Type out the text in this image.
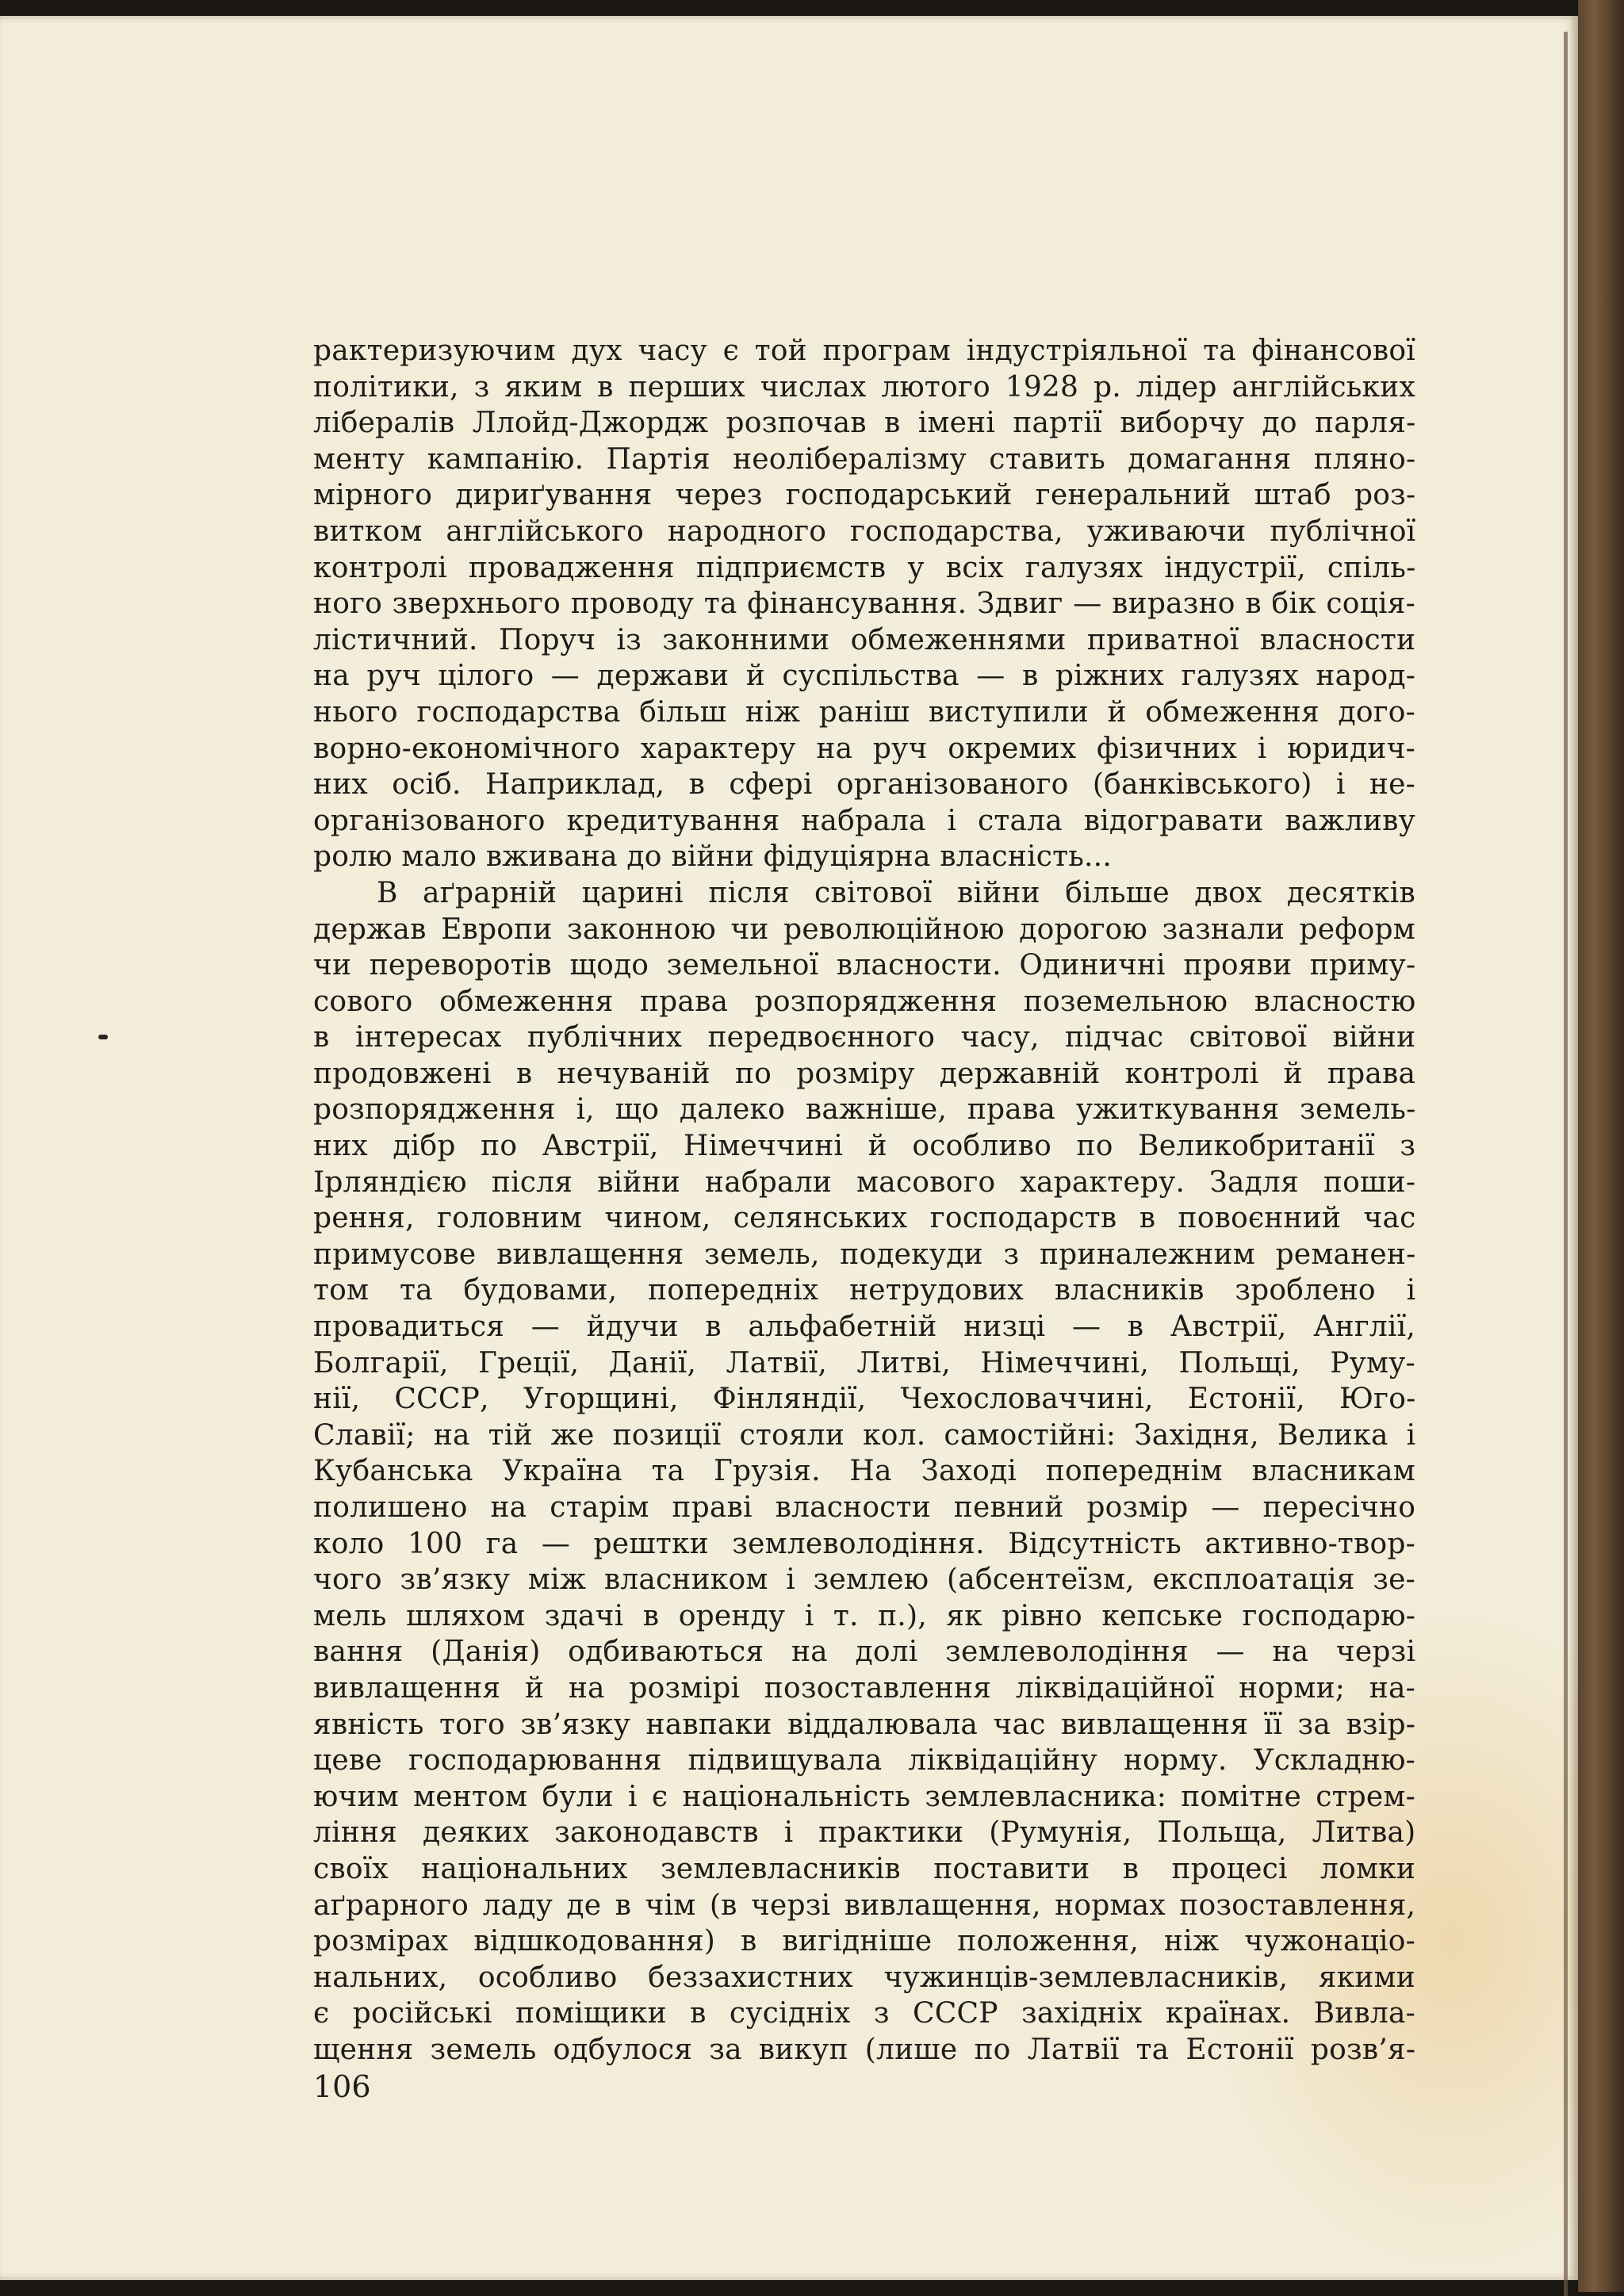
рактеризуючим дух часу є той програм індустріяльної та фінансової
політики, з яким в перших числах лютого 1928 р. лідер англійських
лібералів Ллойд-Джордж розпочав в імені партії виборчу до парля-
менту кампанію. Партія неолібералізму ставить домагання пляно-
мірного дириґування через господарський генеральний штаб роз-
витком англійського народного господарства, уживаючи публічної
контролі провадження підприємств у всіх галузях індустрії, спіль-
ного зверхнього проводу та фінансування. Здвиг — виразно в бік соція-
лістичний. Поруч із законними обмеженнями приватної власности
на руч цілого — держави й суспільства — в ріжних галузях народ-
нього господарства більш ніж раніш виступили й обмеження дого-
ворно-економічного характеру на руч окремих фізичних і юридич-
них осіб. Наприклад, в сфері організованого (банківського) і не-
організованого кредитування набрала і стала відогравати важливу
ролю мало вживана до війни фідуціярна власність...
В аґрарній царині після світової війни більше двох десятків
держав Европи законною чи революційною дорогою зазнали реформ
чи переворотів щодо земельної власности. Одиничні прояви приму-
сового обмеження права розпорядження поземельною власностю
в інтересах публічних передвоєнного часу, підчас світової війни
продовжені в нечуваній по розміру державній контролі й права
розпорядження і, що далеко важніше, права ужиткування земель-
них дібр по Австрії, Німеччині й особливо по Великобританії з
Ірляндією після війни набрали масового характеру. Задля поши-
рення, головним чином, селянських господарств в повоєнний час
примусове вивлащення земель, подекуди з приналежним реманен-
том та будовами, попередніх нетрудових власників зроблено і
провадиться — йдучи в альфабетній низці — в Австрії, Англії,
Болгарії, Греції, Данії, Латвії, Литві, Німеччині, Польщі, Руму-
нії, СССР, Угорщині, Фінляндії, Чехословаччині, Естонії, Юго-
Славії; на тій же позиції стояли кол. самостійні: Західня, Велика і
Кубанська Україна та Грузія. На Заході попереднім власникам
полишено на старім праві власности певний розмір — пересічно
коло 100 га — рештки землеволодіння. Відсутність активно-твор-
чого зв’язку між власником і землею (абсентеїзм, експлоатація зе-
мель шляхом здачі в оренду і т. п.), як рівно кепське господарю-
вання (Данія) одбиваються на долі землеволодіння — на черзі
вивлащення й на розмірі позоставлення ліквідаційної норми; на-
явність того зв’язку навпаки віддалювала час вивлащення її за взір-
цеве господарювання підвищувала ліквідаційну норму. Ускладню-
ючим ментом були і є національність землевласника: помітне стрем-
ління деяких законодавств і практики (Румунія, Польща, Литва)
своїх національних землевласників поставити в процесі ломки
аґрарного ладу де в чім (в черзі вивлащення, нормах позоставлення,
розмірах відшкодовання) в вигідніше положення, ніж чужонаціо-
нальних, особливо беззахистних чужинців-землевласників, якими
є російські поміщики в сусідніх з СССР західніх країнах. Вивла-
щення земель одбулося за викуп (лише по Латвії та Естонії розв’я-
106
